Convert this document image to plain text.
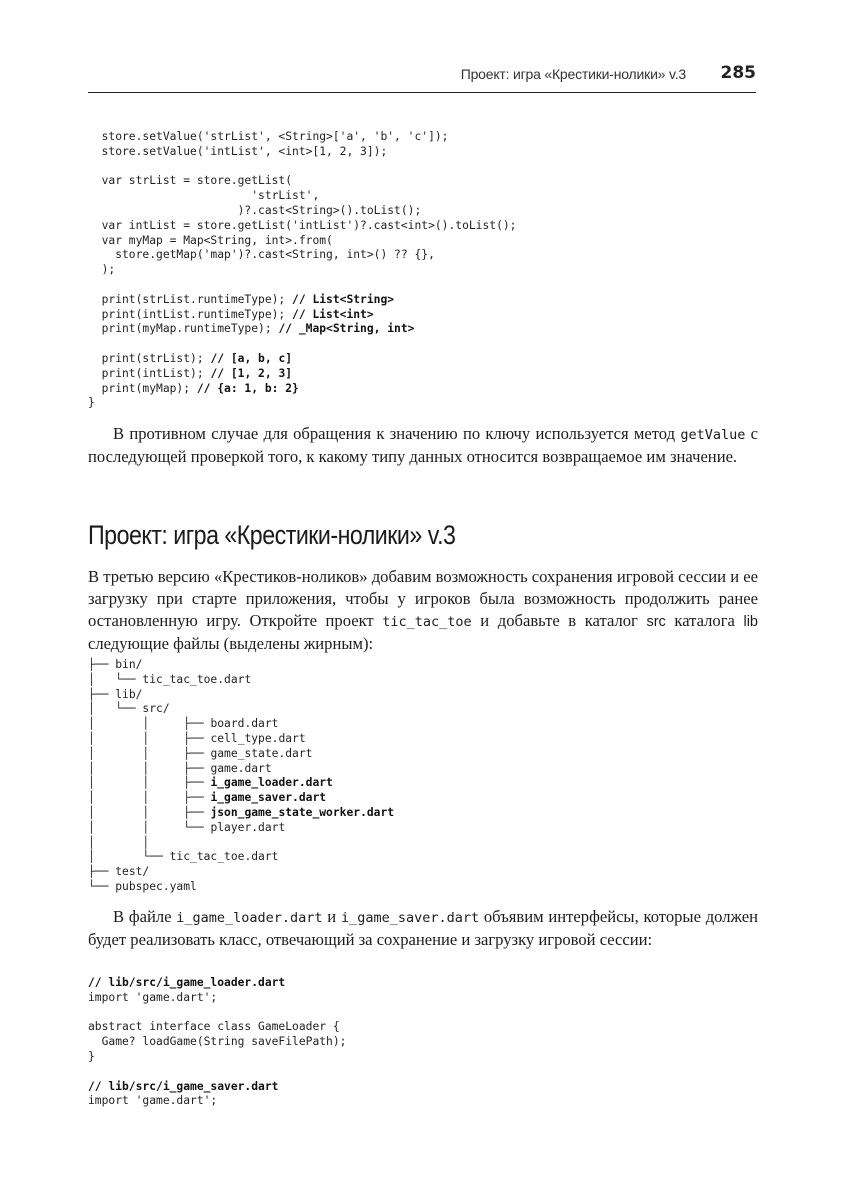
Проект: игра «Крестики-нолики» v.3 285
store.setValue('strList', <String>['a', 'b', 'c']);
store.setValue('intList', <int>[1, 2, 3]);

var strList = store.getList(
'strList',
)?.cast<String>().toList();
var intList = store.getList('intList')?.cast<int>().toList();
var myMap = Map<String, int>.from(
store.getMap('map')?.cast<String, int>() ?? {},
);

print(strList.runtimeType); // List<String>
print(intList.runtimeType); // List<int>
print(myMap.runtimeType); // _Map<String, int>

print(strList); // [a, b, c]
print(intList); // [1, 2, 3]
print(myMap); // {a: 1, b: 2}
}

В противном случае для обращения к значению по ключу используется метод getValue с последующей проверкой того, к какому типу данных относится возвращаемое им значение.

Проект: игра «Крестики-нолики» v.3

В третью версию «Крестиков-ноликов» добавим возможность сохранения игровой сессии и ее загрузку при старте приложения, чтобы у игроков была возможность продолжить ранее остановленную игру. Откройте проект tic_tac_toe и добавьте в каталог src каталога lib следующие файлы (выделены жирным):

├── bin/
│   └── tic_tac_toe.dart
├── lib/
│   └── src/
│       │     ├── board.dart
│       │     ├── cell_type.dart
│       │     ├── game_state.dart
│       │     ├── game.dart
│       │     ├── i_game_loader.dart
│       │     ├── i_game_saver.dart
│       │     ├── json_game_state_worker.dart
│       │     └── player.dart
│       │
│       └── tic_tac_toe.dart
├── test/
└── pubspec.yaml

В файле i_game_loader.dart и i_game_saver.dart объявим интерфейсы, которые должен будет реализовать класс, отвечающий за сохранение и загрузку игровой сессии:

// lib/src/i_game_loader.dart
import 'game.dart';

abstract interface class GameLoader {
Game? loadGame(String saveFilePath);
}

// lib/src/i_game_saver.dart
import 'game.dart';
